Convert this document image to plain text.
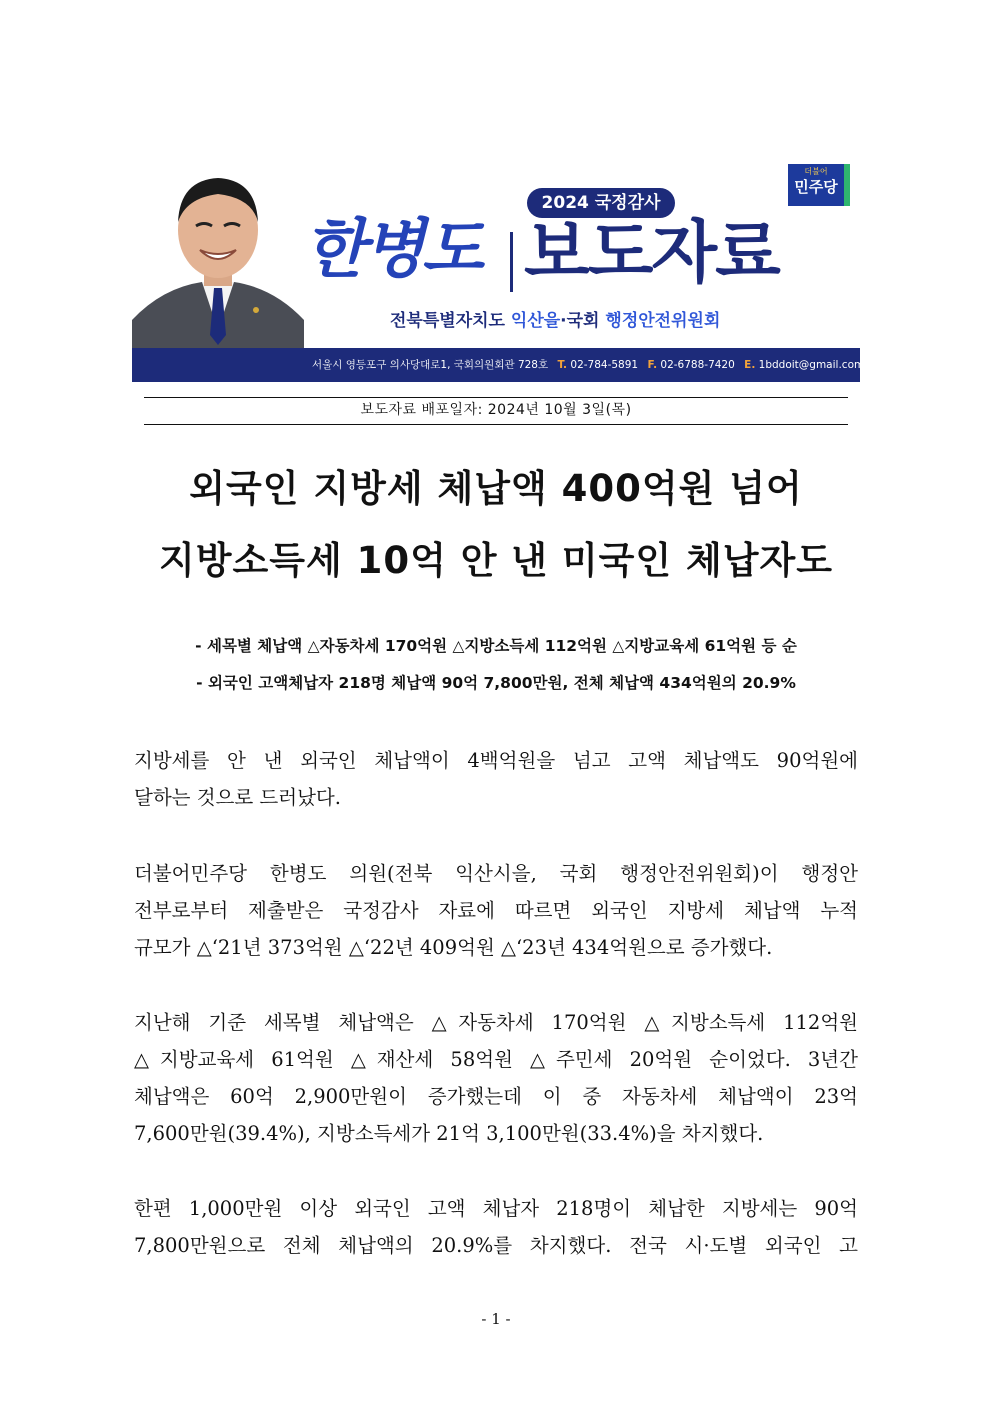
더불어
민주당
2024 국정감사
한병도 보도자료
전북특별자치도 익산을·국회 행정안전위원회
서울시 영등포구 의사당대로1, 국회의원회관 728호 T. 02-784-5891 F. 02-6788-7420 E. 1bddoit@gmail.com
보도자료 배포일자: 2024년 10월 3일(목)
외국인 지방세 체납액 400억원 넘어
지방소득세 10억 안 낸 미국인 체납자도
- 세목별 체납액 △자동차세 170억원 △지방소득세 112억원 △지방교육세 61억원 등 순
- 외국인 고액체납자 218명 체납액 90억 7,800만원, 전체 체납액 434억원의 20.9%
지방세를 안 낸 외국인 체납액이 4백억원을 넘고 고액 체납액도 90억원에
달하는 것으로 드러났다.
더불어민주당 한병도 의원(전북 익산시을, 국회 행정안전위원회)이 행정안
전부로부터 제출받은 국정감사 자료에 따르면 외국인 지방세 체납액 누적
규모가 △‘21년 373억원 △‘22년 409억원 △‘23년 434억원으로 증가했다.
지난해 기준 세목별 체납액은 △자동차세 170억원 △지방소득세 112억원
△지방교육세 61억원 △재산세 58억원 △주민세 20억원 순이었다. 3년간
체납액은 60억 2,900만원이 증가했는데 이 중 자동차세 체납액이 23억
7,600만원(39.4%), 지방소득세가 21억 3,100만원(33.4%)을 차지했다.
한편 1,000만원 이상 외국인 고액 체납자 218명이 체납한 지방세는 90억
7,800만원으로 전체 체납액의 20.9%를 차지했다. 전국 시·도별 외국인 고
- 1 -
